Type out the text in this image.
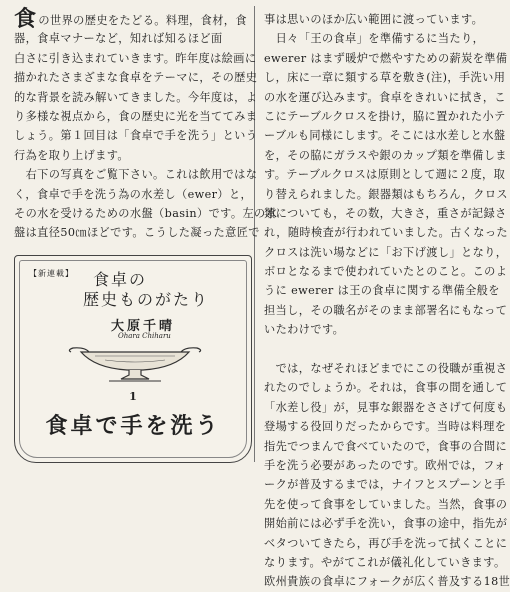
食の世界の歴史をたどる。料理，食材，食
器，食卓マナーなど，知れば知るほど面
白さに引き込まれていきます。昨年度は絵画に
描かれたさまざまな食卓をテーマに，その歴史
的な背景を読み解いてきました。今年度は，よ
り多様な視点から，食の歴史に光を当ててみま
しょう。第１回目は「食卓で手を洗う」という
行為を取り上げます。
　右下の写真をご覧下さい。これは飲用ではな
く，食卓で手を洗う為の水差し（ewer）と，
その水を受けるための水盤（basin）です。左の水
盤は直径50㎝ほどです。こうした凝った意匠で
事は思いのほか広い範囲に渡っています。
　日々「王の食卓」を準備するに当たり，
ewerer はまず暖炉で燃やすための薪炭を準備
し，床に一章に類する草を敷き(注)，手洗い用
の水を運び込みます。食卓をきれいに拭き，こ
こにテーブルクロスを掛け，脇に置かれた小テ
ーブルも同様にします。そこには水差しと水盤
を，その脇にガラスや銀のカップ類を準備しま
す。テーブルクロスは原則として週に２度，取
り替えられました。銀器類はもちろん，クロス
類についても，その数，大きさ，重さが記録さ
れ，随時検査が行われていました。古くなった
クロスは洗い場などに「お下げ渡し」となり，
ボロとなるまで使われていたとのこと。このよ
うに ewerer は王の食卓に関する準備全般を
担当し，その職名がそのまま部署名にもなって
いたわけです。
　では，なぜそれほどまでにこの役職が重視さ
れたのでしょうか。それは，食事の間を通して
「水差し役」が，見事な銀器をささげて何度も
登場する役回りだったからです。当時は料理を
指先でつまんで食べていたので，食事の合間に
手を洗う必要があったのです。欧州では，フォ
ークが普及するまでは，ナイフとスプーンと手
先を使って食事をしていました。当然，食事の
開始前には必ず手を洗い，食事の途中，指先が
ベタついてきたら，再び手を洗って拭くことに
なります。やがてこれが儀礼化していきます。
欧州貴族の食卓にフォークが広く普及する18世
【新連載】	食卓の
歴史ものがたり
大原千晴
Ohara Chiharu
1
食卓で手を洗う
